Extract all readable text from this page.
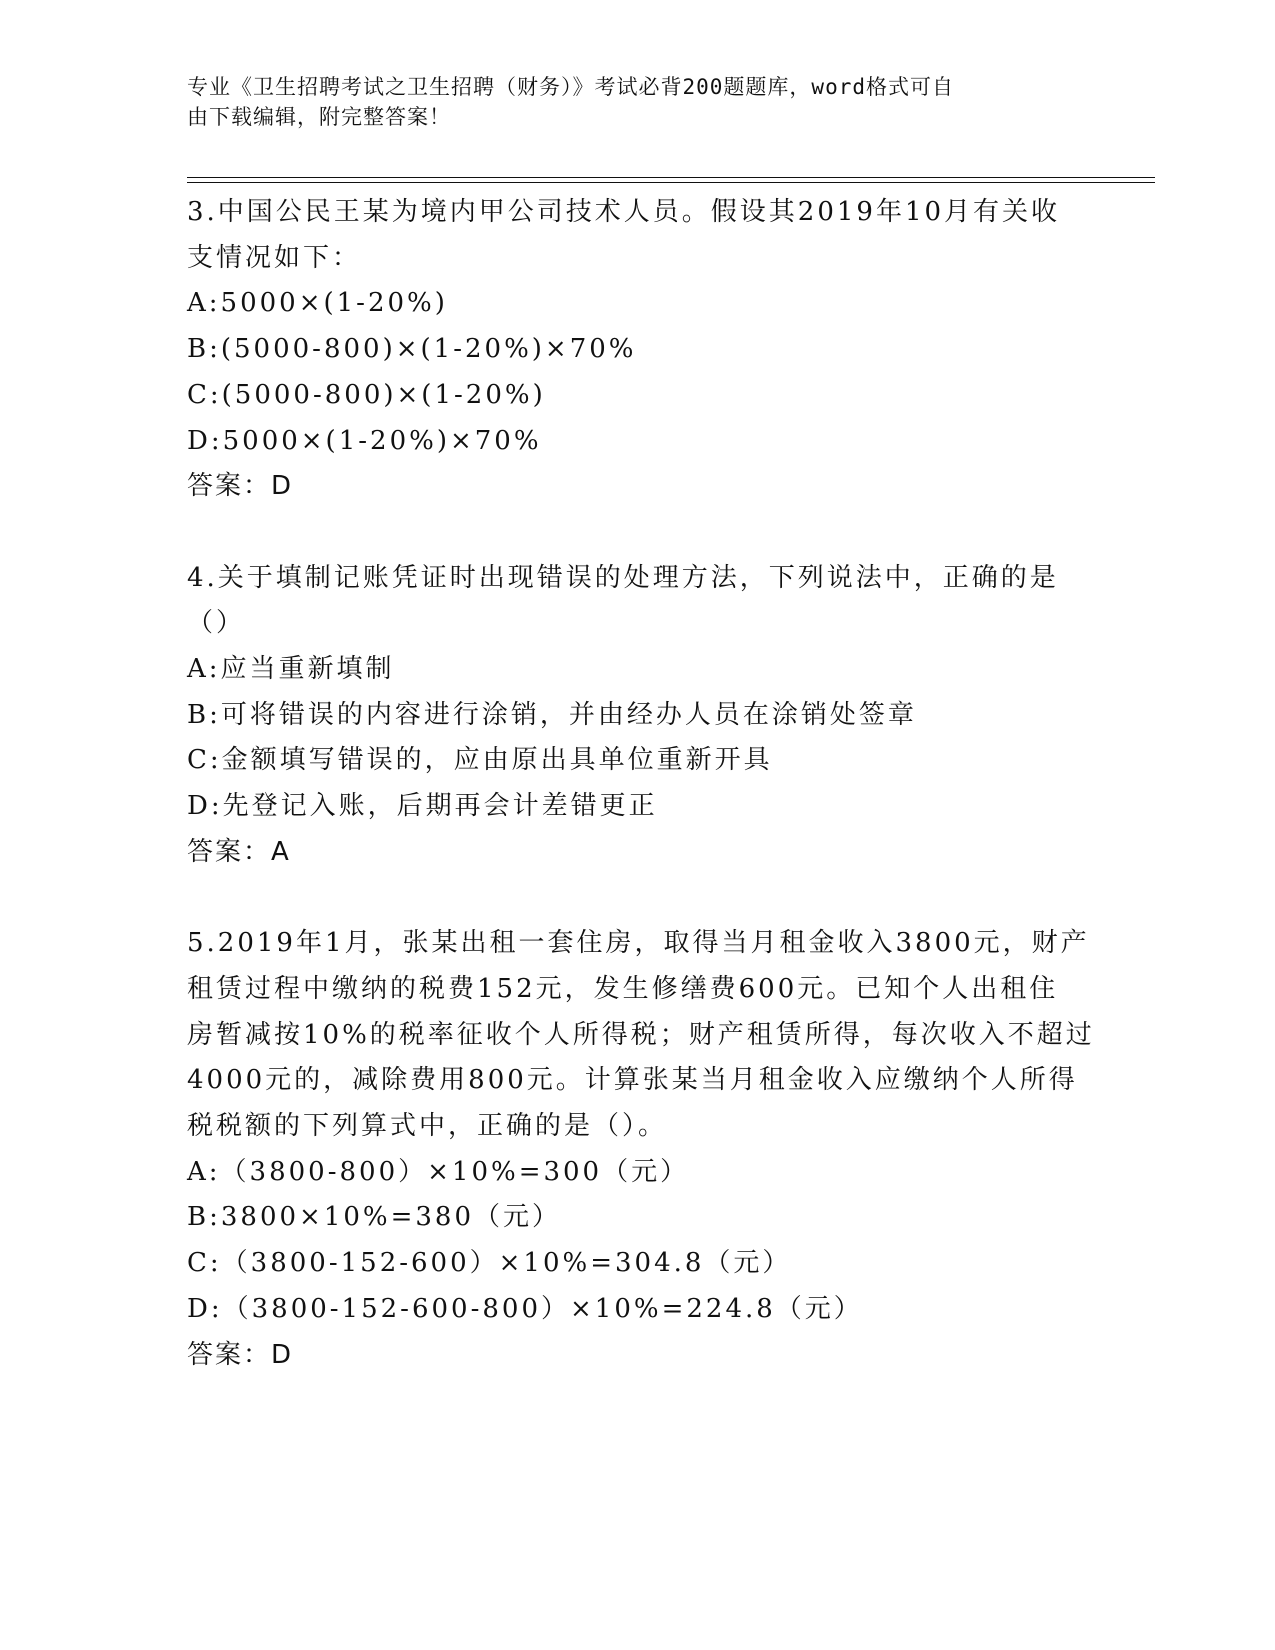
专业《卫生招聘考试之卫生招聘（财务）》考试必背200题题库，word格式可自
由下载编辑，附完整答案！
3.中国公民王某为境内甲公司技术人员。假设其2019年10月有关收
支情况如下：
A:5000×(1-20%)
B:(5000-800)×(1-20%)×70%
C:(5000-800)×(1-20%)
D:5000×(1-20%)×70%
答案：D
4.关于填制记账凭证时出现错误的处理方法，下列说法中，正确的是
（）
A:应当重新填制
B:可将错误的内容进行涂销，并由经办人员在涂销处签章
C:金额填写错误的，应由原出具单位重新开具
D:先登记入账，后期再会计差错更正
答案：A
5.2019年1月，张某出租一套住房，取得当月租金收入3800元，财产
租赁过程中缴纳的税费152元，发生修缮费600元。已知个人出租住
房暂减按10%的税率征收个人所得税；财产租赁所得，每次收入不超过
4000元的，减除费用800元。计算张某当月租金收入应缴纳个人所得
税税额的下列算式中，正确的是（）。
A:（3800-800）×10%=300（元）
B:3800×10%=380（元）
C:（3800-152-600）×10%=304.8（元）
D:（3800-152-600-800）×10%=224.8（元）
答案：D
